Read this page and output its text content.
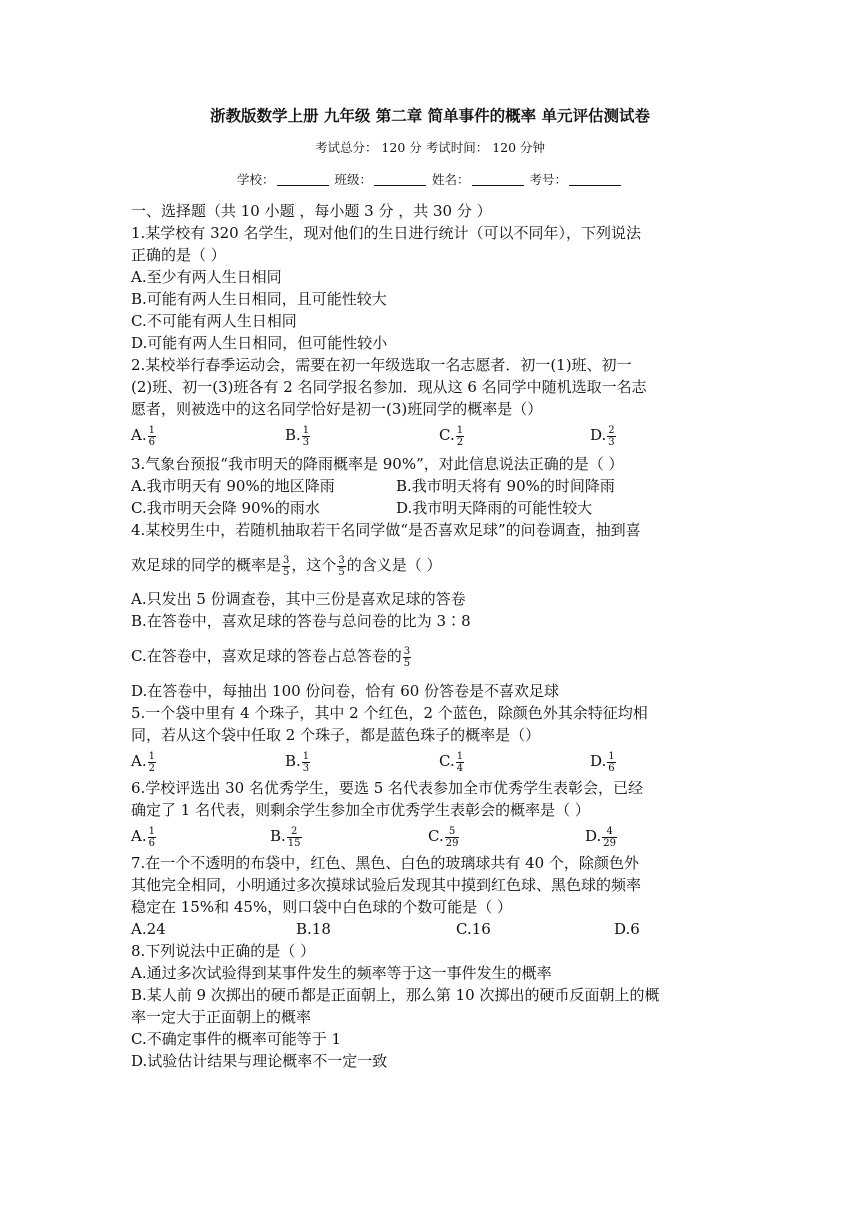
浙教版数学上册 九年级 第二章 简单事件的概率 单元评估测试卷
考试总分： 120 分 考试时间： 120 分钟
学校：	班级：	姓名：	考号：
一、选择题（共 10 小题 ，每小题 3 分 ，共 30 分 ）
1.某学校有 320 名学生，现对他们的生日进行统计（可以不同年），下列说法
正确的是（ ）
A.至少有两人生日相同
B.可能有两人生日相同，且可能性较大
C.不可能有两人生日相同
D.可能有两人生日相同，但可能性较小
2.某校举行春季运动会，需要在初一年级选取一名志愿者．初一(1)班、初一
(2)班、初一(3)班各有 2 名同学报名参加．现从这 6 名同学中随机选取一名志
愿者，则被选中的这名同学恰好是初一(3)班同学的概率是（）
A. $\frac{1}{6}$	B. $\frac{1}{3}$	C. $\frac{1}{2}$	D. $\frac{2}{3}$
3.气象台预报“我市明天的降雨概率是 90%”，对此信息说法正确的是（ ）
A.我市明天有 90%的地区降雨	B.我市明天将有 90%的时间降雨
C.我市明天会降 90%的雨水	D.我市明天降雨的可能性较大
4.某校男生中，若随机抽取若干名同学做“是否喜欢足球”的问卷调查，抽到喜
欢足球的同学的概率是 $\frac{3}{5}$ ，这个 $\frac{3}{5}$ 的含义是（ ）
A.只发出 5 份调查卷，其中三份是喜欢足球的答卷
B.在答卷中，喜欢足球的答卷与总问卷的比为 3∶8
C.在答卷中，喜欢足球的答卷占总答卷的 $\frac{3}{5}$
D.在答卷中，每抽出 100 份问卷，恰有 60 份答卷是不喜欢足球
5.一个袋中里有 4 个珠子，其中 2 个红色，2 个蓝色，除颜色外其余特征均相
同，若从这个袋中任取 2 个珠子，都是蓝色珠子的概率是（）
A. $\frac{1}{2}$	B. $\frac{1}{3}$	C. $\frac{1}{4}$	D. $\frac{1}{6}$
6.学校评选出 30 名优秀学生，要选 5 名代表参加全市优秀学生表彰会，已经
确定了 1 名代表，则剩余学生参加全市优秀学生表彰会的概率是（ ）
A. $\frac{1}{6}$	B. $\frac{2}{15}$	C. $\frac{5}{29}$	D. $\frac{4}{29}$
7.在一个不透明的布袋中，红色、黑色、白色的玻璃球共有 40 个，除颜色外
其他完全相同，小明通过多次摸球试验后发现其中摸到红色球、黑色球的频率
稳定在 15%和 45%，则口袋中白色球的个数可能是（ ）
A.24	B.18	C.16	D.6
8.下列说法中正确的是（ ）
A.通过多次试验得到某事件发生的频率等于这一事件发生的概率
B.某人前 9 次掷出的硬币都是正面朝上，那么第 10 次掷出的硬币反面朝上的概
率一定大于正面朝上的概率
C.不确定事件的概率可能等于 1
D.试验估计结果与理论概率不一定一致
